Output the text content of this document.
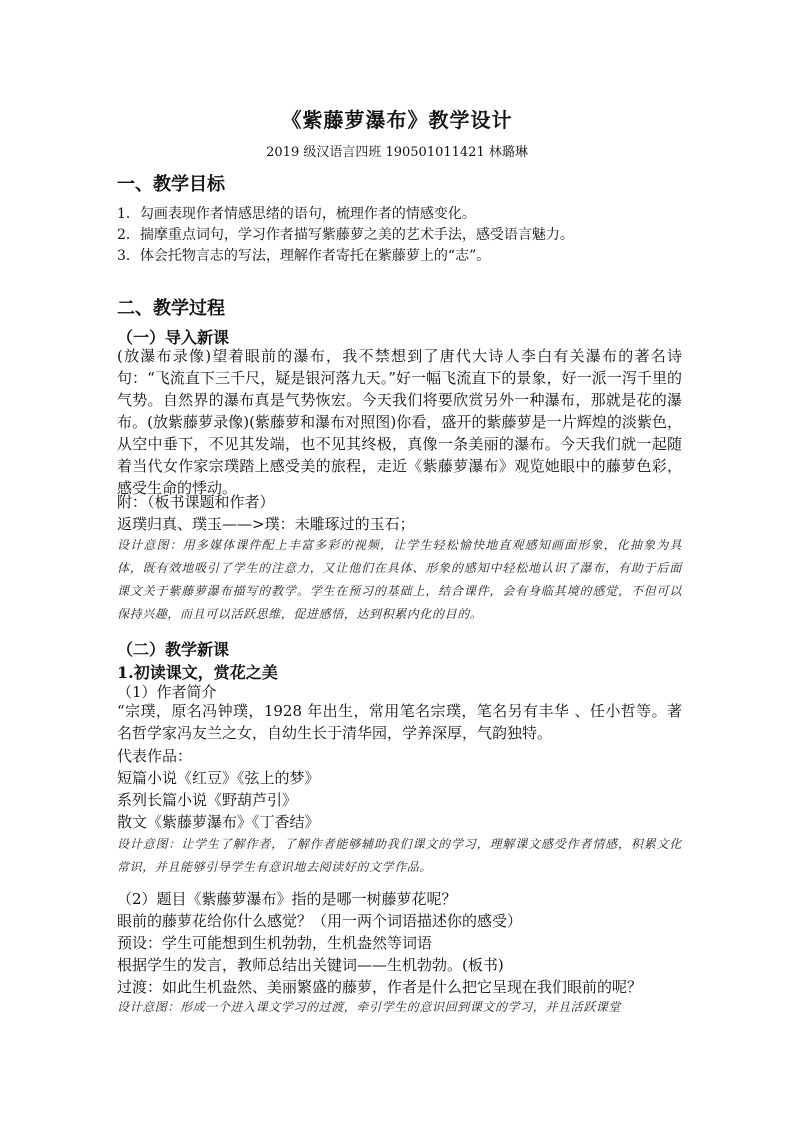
《紫藤萝瀑布》教学设计
2019 级汉语言四班 190501011421 林璐琳
一、教学目标
1．勾画表现作者情感思绪的语句，梳理作者的情感变化。
2．揣摩重点词句，学习作者描写紫藤萝之美的艺术手法，感受语言魅力。
3．体会托物言志的写法，理解作者寄托在紫藤萝上的“志”。
二、教学过程
（一）导入新课
(放瀑布录像)望着眼前的瀑布，我不禁想到了唐代大诗人李白有关瀑布的著名诗句：“飞流直下三千尺，疑是银河落九天。”好一幅飞流直下的景象，好一派一泻千里的气势。自然界的瀑布真是气势恢宏。今天我们将要欣赏另外一种瀑布，那就是花的瀑布。(放紫藤萝录像)(紫藤萝和瀑布对照图)你看，盛开的紫藤萝是一片辉煌的淡紫色，从空中垂下，不见其发端，也不见其终极，真像一条美丽的瀑布。今天我们就一起随着当代女作家宗璞踏上感受美的旅程，走近《紫藤萝瀑布》观览她眼中的藤萝色彩，感受生命的悸动。
附：（板书课题和作者）
返璞归真、璞玉——>璞：未雕琢过的玉石；
设计意图：用多媒体课件配上丰富多彩的视频，让学生轻松愉快地直观感知画面形象，化抽象为具体，既有效地吸引了学生的注意力，又让他们在具体、形象的感知中轻松地认识了瀑布，有助于后面课文关于紫藤萝瀑布描写的教学。学生在预习的基础上，结合课件，会有身临其境的感觉，不但可以保持兴趣，而且可以活跃思维，促进感悟，达到积累内化的目的。
（二）教学新课
1.初读课文，赏花之美
（1）作者简介
“宗璞，原名冯钟璞，1928 年出生，常用笔名宗璞，笔名另有丰华 、任小哲等。著名哲学家冯友兰之女，自幼生长于清华园，学养深厚，气韵独特。
代表作品：
短篇小说《红豆》《弦上的梦》
系列长篇小说《野葫芦引》
散文《紫藤萝瀑布》《丁香结》
设计意图：让学生了解作者，了解作者能够辅助我们课文的学习，理解课文感受作者情感，积累文化常识，并且能够引导学生有意识地去阅读好的文学作品。
（2）题目《紫藤萝瀑布》指的是哪一树藤萝花呢？
眼前的藤萝花给你什么感觉？（用一两个词语描述你的感受）
预设：学生可能想到生机勃勃，生机盎然等词语
根据学生的发言，教师总结出关键词——生机勃勃。(板书)
过渡：如此生机盎然、美丽繁盛的藤萝，作者是什么把它呈现在我们眼前的呢？
设计意图：形成一个进入课文学习的过渡，牵引学生的意识回到课文的学习，并且活跃课堂
